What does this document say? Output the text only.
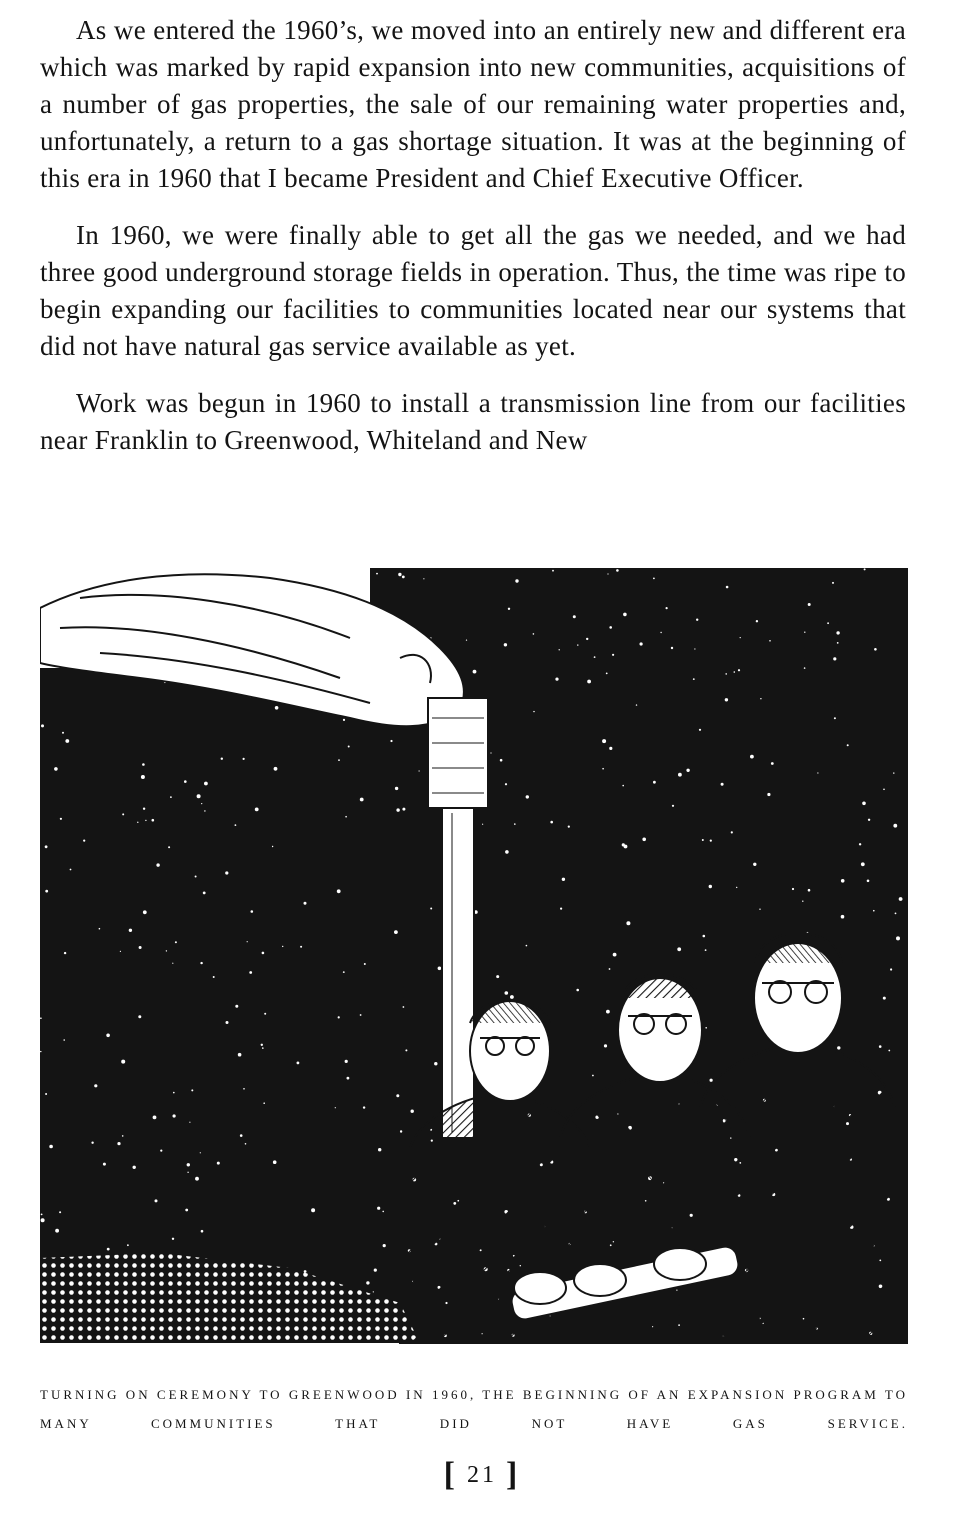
As we entered the 1960’s, we moved into an entirely new and different era which was marked by rapid expansion into new communities, acquisitions of a number of gas properties, the sale of our remaining water properties and, unfortunately, a return to a gas shortage situation. It was at the beginning of this era in 1960 that I became President and Chief Executive Officer.

In 1960, we were finally able to get all the gas we needed, and we had three good underground storage fields in operation. Thus, the time was ripe to begin expanding our facilities to communities located near our systems that did not have natural gas service available as yet.

Work was begun in 1960 to install a transmission line from our facilities near Franklin to Greenwood, Whiteland and New

TURNING ON CEREMONY TO GREENWOOD IN 1960, THE BEGINNING OF AN EXPANSION PROGRAM TO MANY COMMUNITIES THAT DID NOT HAVE GAS SERVICE.
[ 21 ]
